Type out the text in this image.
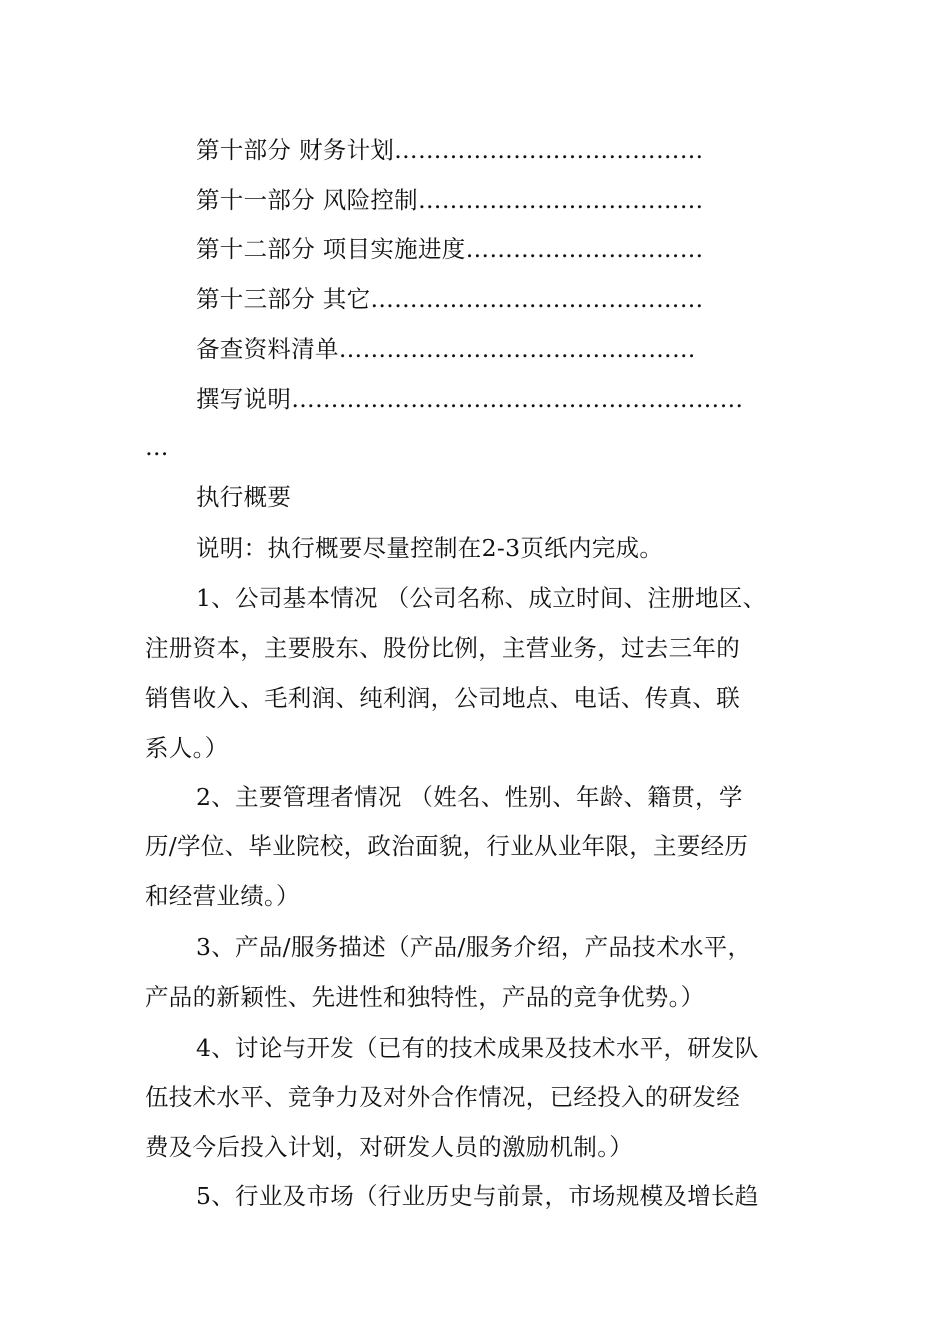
第十部分 财务计划…………………………………
第十一部分 风险控制………………………………
第十二部分 项目实施进度…………………………
第十三部分 其它……………………………………
备查资料清单………………………………………
撰写说明…………………………………………………
…
执行概要
说明：执行概要尽量控制在2-3页纸内完成。
1、公司基本情况 （公司名称、成立时间、注册地区、
注册资本，主要股东、股份比例，主营业务，过去三年的
销售收入、毛利润、纯利润，公司地点、电话、传真、联
系人。）
2、主要管理者情况 （姓名、性别、年龄、籍贯，学
历/学位、毕业院校，政治面貌，行业从业年限，主要经历
和经营业绩。）
3、产品/服务描述（产品/服务介绍，产品技术水平，
产品的新颖性、先进性和独特性，产品的竞争优势。）
4、讨论与开发（已有的技术成果及技术水平，研发队
伍技术水平、竞争力及对外合作情况，已经投入的研发经
费及今后投入计划，对研发人员的激励机制。）
5、行业及市场（行业历史与前景，市场规模及增长趋
